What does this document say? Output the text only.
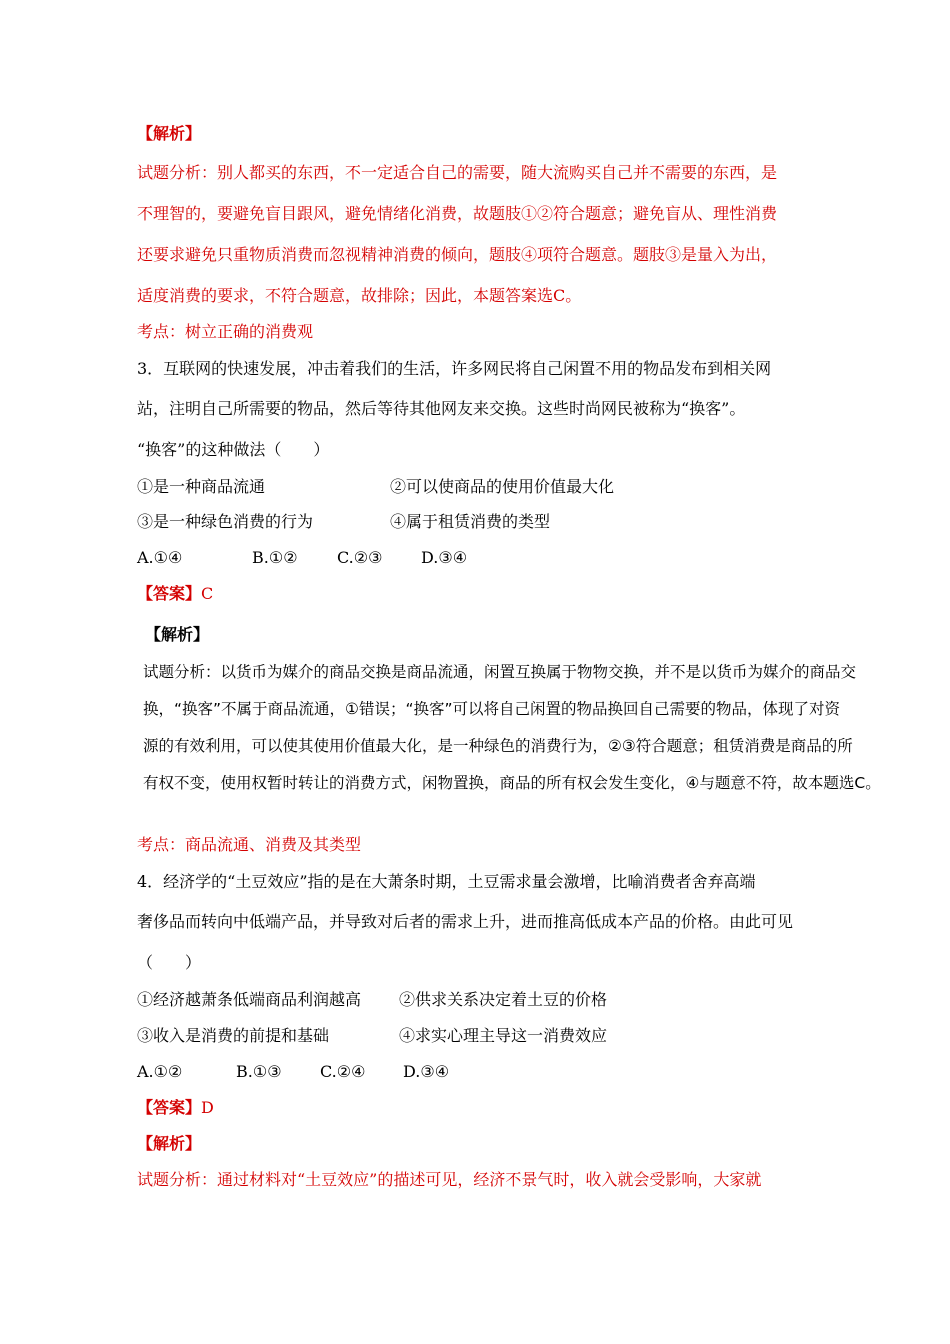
【解析】
试题分析：别人都买的东西，不一定适合自己的需要，随大流购买自己并不需要的东西，是
不理智的，要避免盲目跟风，避免情绪化消费，故题肢①②符合题意；避免盲从、理性消费
还要求避免只重物质消费而忽视精神消费的倾向，题肢④项符合题意。题肢③是量入为出，
适度消费的要求，不符合题意，故排除；因此，本题答案选C。
考点：树立正确的消费观
3．互联网的快速发展，冲击着我们的生活，许多网民将自己闲置不用的物品发布到相关网
站，注明自己所需要的物品，然后等待其他网友来交换。这些时尚网民被称为“换客”。
“换客”的这种做法（　　）
①是一种商品流通	②可以使商品的使用价值最大化
③是一种绿色消费的行为	④属于租赁消费的类型
A.①④	B.①② C.②③ D.③④
【答案】C
【解析】
试题分析：以货币为媒介的商品交换是商品流通，闲置互换属于物物交换，并不是以货币为媒介的商品交
换，“换客”不属于商品流通，①错误；“换客”可以将自己闲置的物品换回自己需要的物品，体现了对资
源的有效利用，可以使其使用价值最大化，是一种绿色的消费行为，②③符合题意；租赁消费是商品的所
有权不变，使用权暂时转让的消费方式，闲物置换，商品的所有权会发生变化，④与题意不符，故本题选C。
考点：商品流通、消费及其类型
4．经济学的“土豆效应”指的是在大萧条时期，土豆需求量会激增，比喻消费者舍弃高端
奢侈品而转向中低端产品，并导致对后者的需求上升，进而推高低成本产品的价格。由此可见
（　　）
①经济越萧条低端商品利润越高 ②供求关系决定着土豆的价格
③收入是消费的前提和基础	④求实心理主导这一消费效应
A.①②	B.①③ C.②④ D.③④
【答案】D
【解析】
试题分析：通过材料对“土豆效应”的描述可见，经济不景气时，收入就会受影响，大家就
